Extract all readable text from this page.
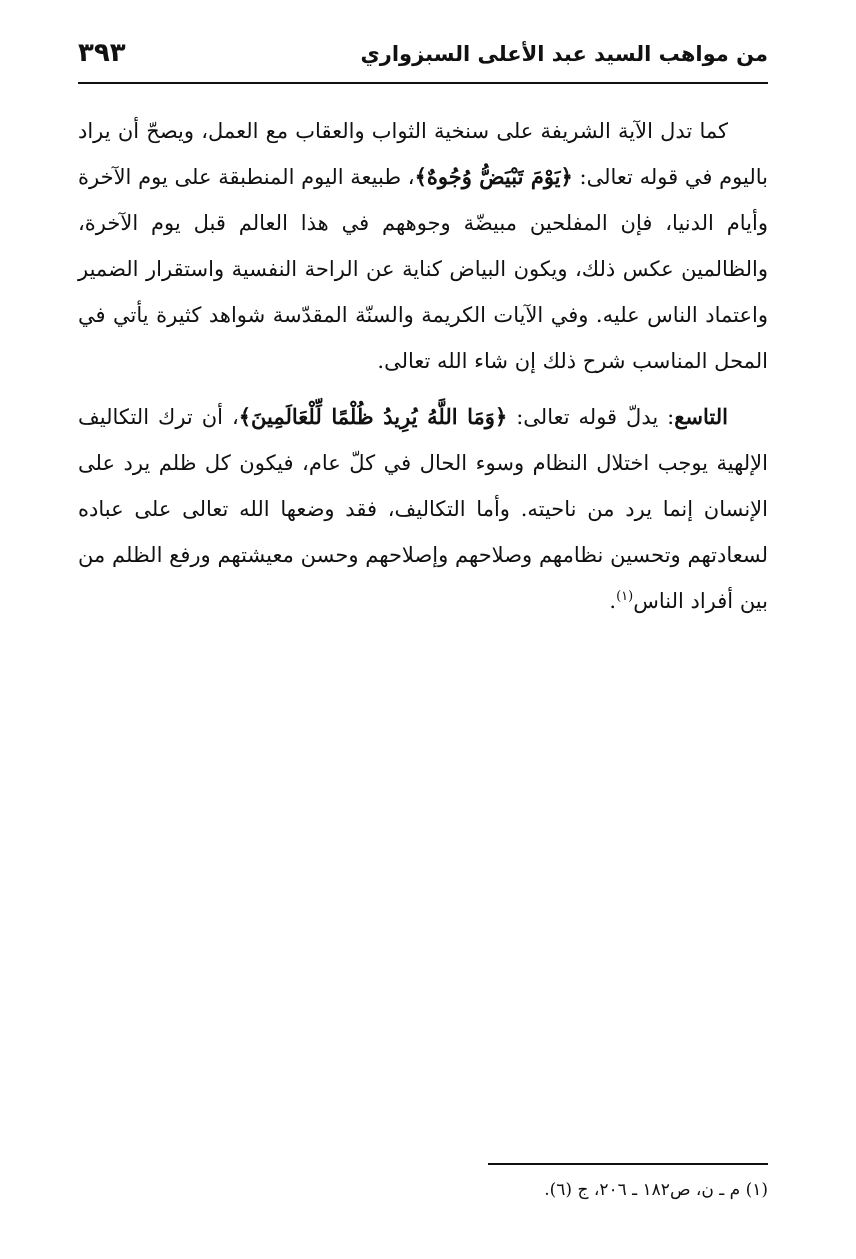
من مواهب السيد عبد الأعلى السبزواري
٣٩٣

كما تدل الآية الشريفة على سنخية الثواب والعقاب مع العمل، ويصحّ أن يراد باليوم في قوله تعالى: ﴿يَوْمَ تَبْيَضُّ وُجُوهٌ﴾، طبيعة اليوم المنطبقة على يوم الآخرة وأيام الدنيا، فإن المفلحين مبيضّة وجوههم في هذا العالم قبل يوم الآخرة، والظالمين عكس ذلك، ويكون البياض كناية عن الراحة النفسية واستقرار الضمير واعتماد الناس عليه. وفي الآيات الكريمة والسنّة المقدّسة شواهد كثيرة يأتي في المحل المناسب شرح ذلك إن شاء الله تعالى.

التاسع: يدلّ قوله تعالى: ﴿وَمَا اللَّهُ يُرِيدُ ظُلْمًا لِّلْعَالَمِينَ﴾، أن ترك التكاليف الإلهية يوجب اختلال النظام وسوء الحال في كلّ عام، فيكون كل ظلم يرد على الإنسان إنما يرد من ناحيته. وأما التكاليف، فقد وضعها الله تعالى على عباده لسعادتهم وتحسين نظامهم وصلاحهم وإصلاحهم وحسن معيشتهم ورفع الظلم من بين أفراد الناس$^{(١)}$.

(١) م ـ ن، ص١٨٢ ـ ٢٠٦، ج (٦).
